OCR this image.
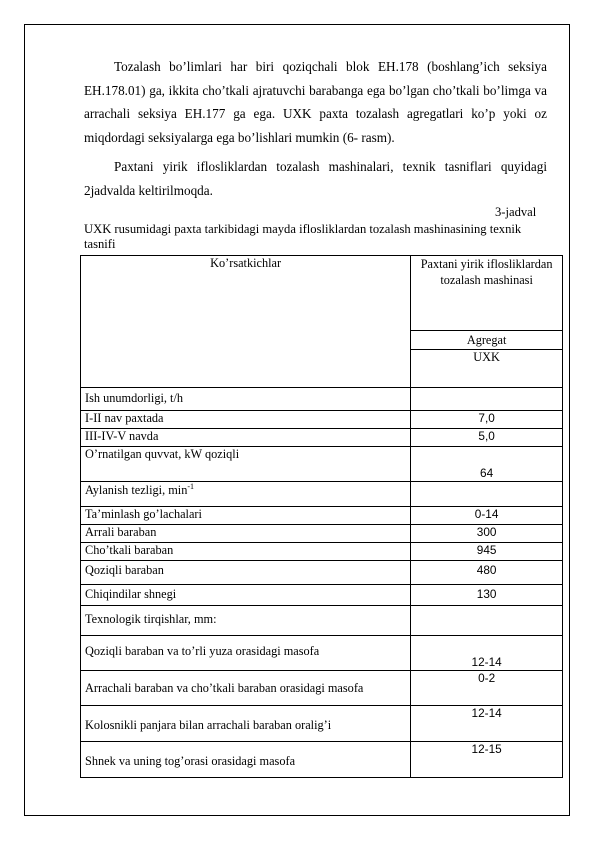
Tozalash bo’limlari har biri qoziqchali blok EH.178 (boshlang’ich seksiya EH.178.01) ga, ikkita cho’tkali ajratuvchi barabanga ega bo’lgan cho’tkali bo’limga va arrachali seksiya EH.177 ga ega. UXK paxta tozalash agregatlari ko’p yoki oz miqdordagi seksiyalarga ega bo’lishlari mumkin (6- rasm).

Paxtani yirik iflosliklardan tozalash mashinalari, texnik tasniflari quyidagi 2jadvalda keltirilmoqda.

3-jadval
UXK rusumidagi paxta tarkibidagi mayda iflosliklardan tozalash mashinasining texnik tasnifi
Ko’rsatkichlar	Paxtani yirik iflosliklardan tozalash mashinasi
	Agregat
	UXK
Ish unumdorligi, t/h	
I-II nav paxtada	7,0
III-IV-V navda	5,0
O’rnatilgan quvvat, kW qoziqli	64
Aylanish tezligi, $\min^{-1}$	
Ta’minlash go’lachalari	0-14
Arrali baraban	300
Cho’tkali baraban	945
Qoziqli baraban	480
Chiqindilar shnegi	130
Texnologik tirqishlar, mm:	
Qoziqli baraban va to’rli yuza orasidagi masofa	12-14
Arrachali baraban va cho’tkali baraban orasidagi masofa	0-2
Kolosnikli panjara bilan arrachali baraban oralig’i	12-14
Shnek va uning tog’orasi orasidagi masofa	12-15
